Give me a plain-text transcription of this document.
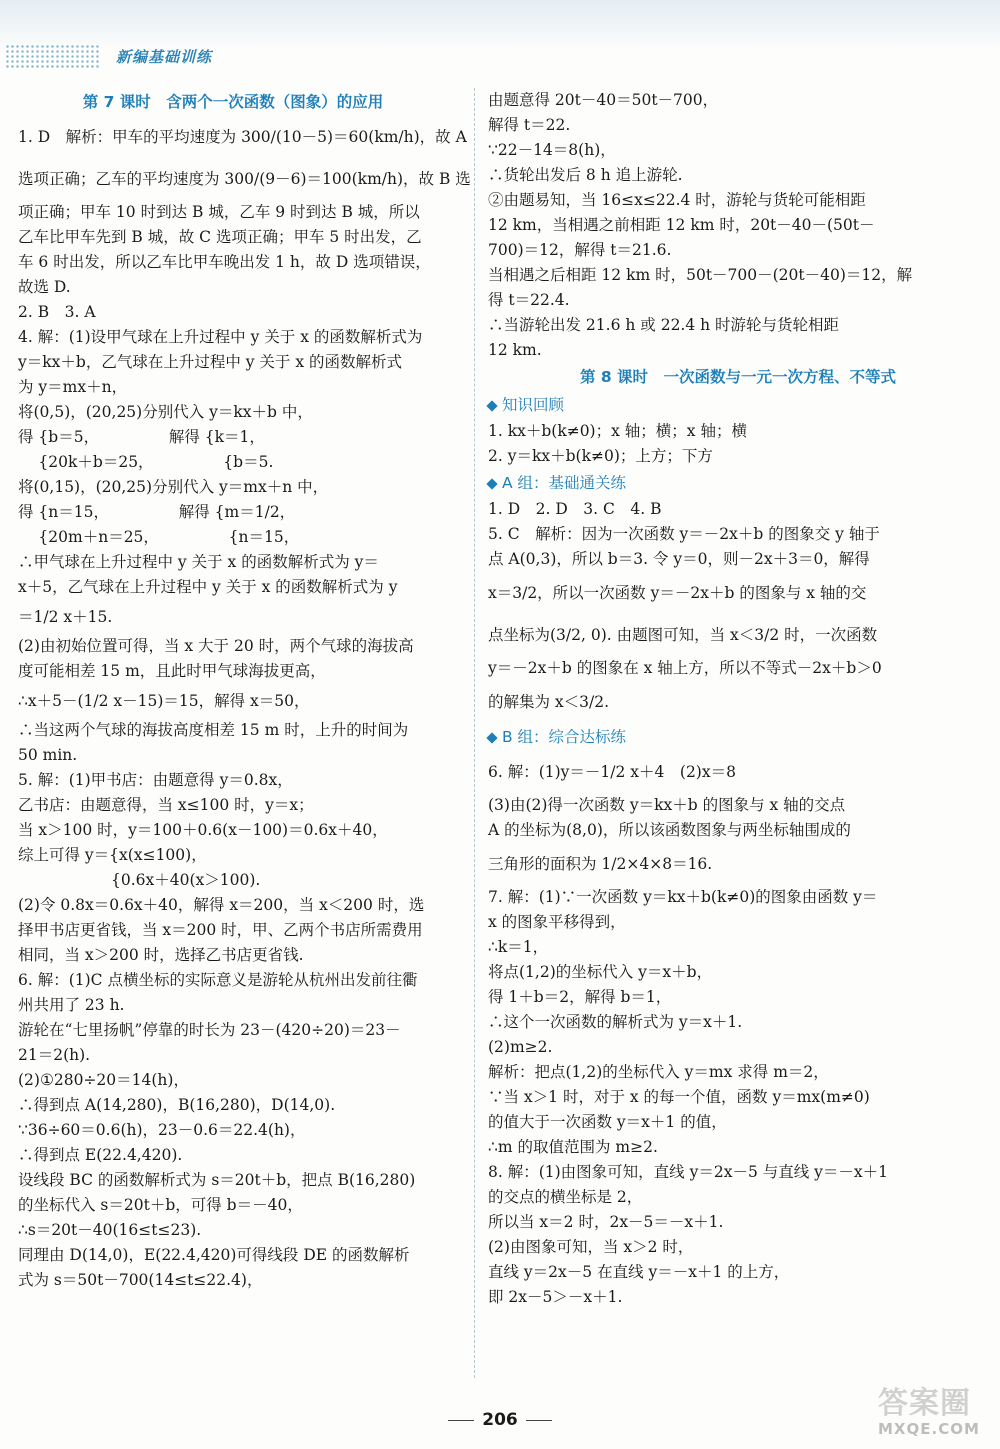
新编基础训练
第 7 课时　含两个一次函数（图象）的应用
1. D　解析：甲车的平均速度为 300/(10－5)＝60(km/h)，故 A
选项正确；乙车的平均速度为 300/(9－6)＝100(km/h)，故 B 选
项正确；甲车 10 时到达 B 城，乙车 9 时到达 B 城，所以
乙车比甲车先到 B 城，故 C 选项正确；甲车 5 时出发，乙
车 6 时出发，所以乙车比甲车晚出发 1 h，故 D 选项错误，
故选 D.
2. B　3. A
4. 解：(1)设甲气球在上升过程中 y 关于 x 的函数解析式为
y＝kx＋b，乙气球在上升过程中 y 关于 x 的函数解析式
为 y＝mx＋n，
将(0,5)，(20,25)分别代入 y＝kx＋b 中，
得 {b＝5，　　　　　解得 {k＝1，
　 {20k＋b＝25，　　　　　{b＝5.
将(0,15)，(20,25)分别代入 y＝mx＋n 中，
得 {n＝15，　　　　　解得 {m＝1/2，
　 {20m＋n＝25，　　　　　{n＝15，
∴甲气球在上升过程中 y 关于 x 的函数解析式为 y＝
x＋5，乙气球在上升过程中 y 关于 x 的函数解析式为 y
＝1/2 x＋15.
(2)由初始位置可得，当 x 大于 20 时，两个气球的海拔高
度可能相差 15 m，且此时甲气球海拔更高，
∴x＋5－(1/2 x－15)＝15，解得 x＝50，
∴当这两个气球的海拔高度相差 15 m 时，上升的时间为
50 min.
5. 解：(1)甲书店：由题意得 y＝0.8x，
乙书店：由题意得，当 x≤100 时，y＝x；
当 x＞100 时，y＝100＋0.6(x－100)＝0.6x＋40，
综上可得 y＝{x(x≤100)，
　　　　　　{0.6x＋40(x＞100).
(2)令 0.8x＝0.6x＋40，解得 x＝200，当 x＜200 时，选
择甲书店更省钱，当 x＝200 时，甲、乙两个书店所需费用
相同，当 x＞200 时，选择乙书店更省钱.
6. 解：(1)C 点横坐标的实际意义是游轮从杭州出发前往衢
州共用了 23 h.
游轮在“七里扬帆”停靠的时长为 23－(420÷20)＝23－
21＝2(h).
(2)①280÷20＝14(h)，
∴得到点 A(14,280)，B(16,280)，D(14,0).
∵36÷60＝0.6(h)，23－0.6＝22.4(h)，
∴得到点 E(22.4,420).
设线段 BC 的函数解析式为 s＝20t＋b，把点 B(16,280)
的坐标代入 s＝20t＋b，可得 b＝－40，
∴s＝20t－40(16≤t≤23).
同理由 D(14,0)，E(22.4,420)可得线段 DE 的函数解析
式为 s＝50t－700(14≤t≤22.4)，
由题意得 20t－40＝50t－700，
解得 t＝22.
∵22－14＝8(h)，
∴货轮出发后 8 h 追上游轮.
②由题易知，当 16≤x≤22.4 时，游轮与货轮可能相距
12 km，当相遇之前相距 12 km 时，20t－40－(50t－
700)＝12，解得 t＝21.6.
当相遇之后相距 12 km 时，50t－700－(20t－40)＝12，解
得 t＝22.4.
∴当游轮出发 21.6 h 或 22.4 h 时游轮与货轮相距
12 km.
第 8 课时　一次函数与一元一次方程、不等式
知识回顾
1. kx＋b(k≠0)；x 轴；横；x 轴；横
2. y＝kx＋b(k≠0)；上方；下方
A 组：基础通关练
1. D　2. D　3. C　4. B
5. C　解析：因为一次函数 y＝－2x＋b 的图象交 y 轴于
点 A(0,3)，所以 b＝3. 令 y＝0，则－2x＋3＝0，解得
x＝3/2，所以一次函数 y＝－2x＋b 的图象与 x 轴的交
点坐标为(3/2, 0). 由题图可知，当 x＜3/2 时，一次函数
y＝－2x＋b 的图象在 x 轴上方，所以不等式－2x＋b＞0
的解集为 x＜3/2.
B 组：综合达标练
6. 解：(1)y＝－1/2 x＋4　(2)x＝8
(3)由(2)得一次函数 y＝kx＋b 的图象与 x 轴的交点
A 的坐标为(8,0)，所以该函数图象与两坐标轴围成的
三角形的面积为 1/2×4×8＝16.
7. 解：(1)∵一次函数 y＝kx＋b(k≠0)的图象由函数 y＝
x 的图象平移得到，
∴k＝1，
将点(1,2)的坐标代入 y＝x＋b，
得 1＋b＝2，解得 b＝1，
∴这个一次函数的解析式为 y＝x＋1.
(2)m≥2.
解析：把点(1,2)的坐标代入 y＝mx 求得 m＝2，
∵当 x＞1 时，对于 x 的每一个值，函数 y＝mx(m≠0)
的值大于一次函数 y＝x＋1 的值，
∴m 的取值范围为 m≥2.
8. 解：(1)由图象可知，直线 y＝2x－5 与直线 y＝－x＋1
的交点的横坐标是 2，
所以当 x＝2 时，2x－5＝－x＋1.
(2)由图象可知，当 x＞2 时，
直线 y＝2x－5 在直线 y＝－x＋1 的上方，
即 2x－5＞－x＋1.
206	答案圈
MXQE.COM
